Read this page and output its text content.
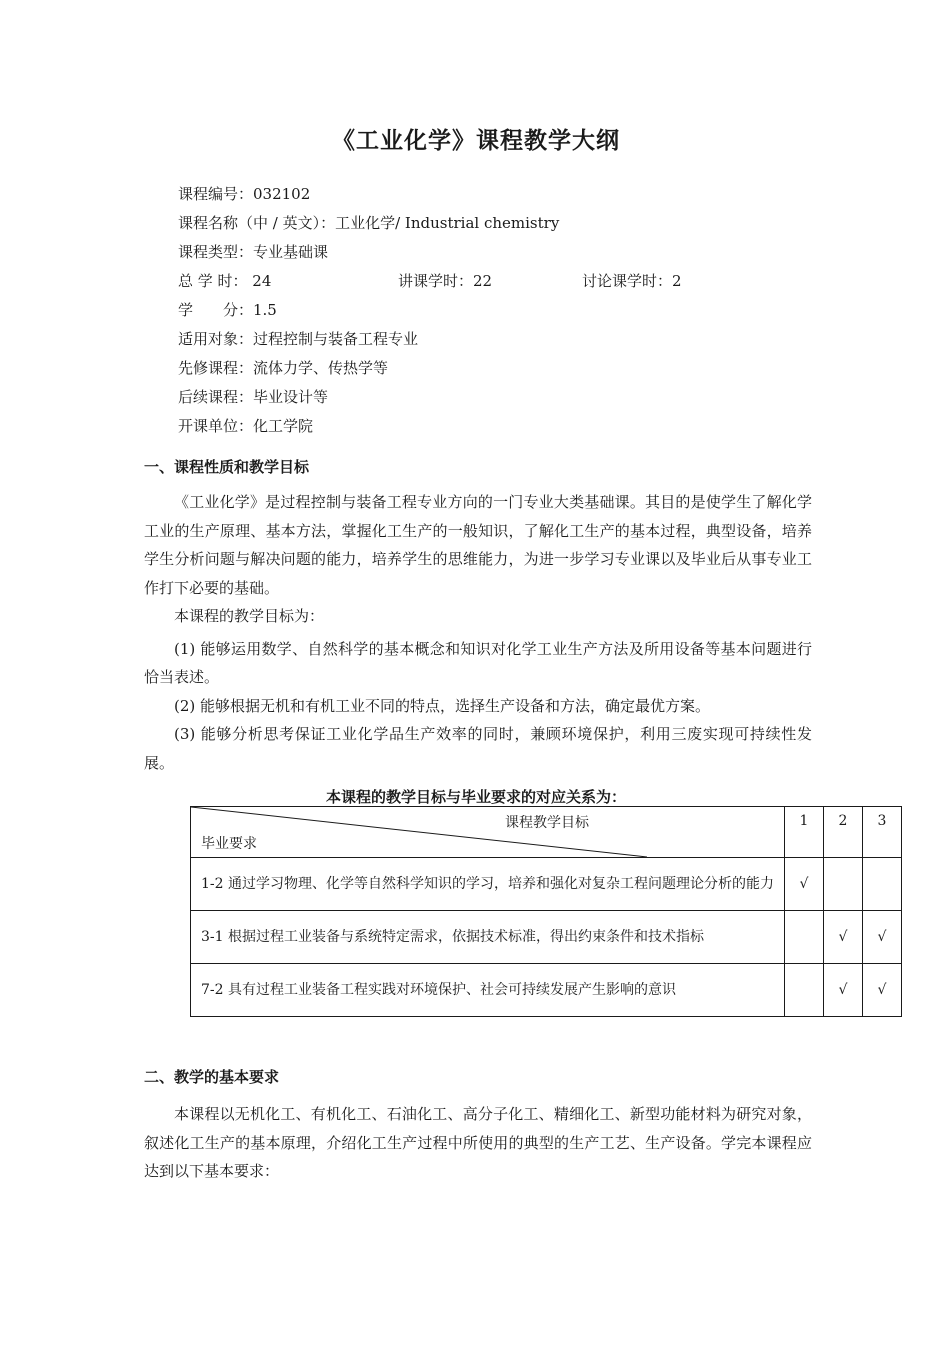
《工业化学》课程教学大纲
课程编号：032102
课程名称（中 / 英文）：工业化学/ Industrial chemistry
课程类型：专业基础课
总 学 时： 24	讲课学时：22	讨论课学时：2
学　　分：1.5
适用对象：过程控制与装备工程专业
先修课程：流体力学、传热学等
后续课程：毕业设计等
开课单位：化工学院
一、课程性质和教学目标

《工业化学》是过程控制与装备工程专业方向的一门专业大类基础课。其目的是使学生了解化学工业的生产原理、基本方法，掌握化工生产的一般知识，了解化工生产的基本过程，典型设备，培养学生分析问题与解决问题的能力，培养学生的思维能力，为进一步学习专业课以及毕业后从事专业工作打下必要的基础。

本课程的教学目标为：

(1) 能够运用数学、自然科学的基本概念和知识对化学工业生产方法及所用设备等基本问题进行恰当表述。

(2) 能够根据无机和有机工业不同的特点，选择生产设备和方法，确定最优方案。

(3) 能够分析思考保证工业化学品生产效率的同时，兼顾环境保护，利用三废实现可持续性发展。

本课程的教学目标与毕业要求的对应关系为：
课程教学目标
毕业要求	1	2	3
1-2 通过学习物理、化学等自然科学知识的学习，培养和强化对复杂工程问题理论分析的能力	√		
3-1 根据过程工业装备与系统特定需求，依据技术标准，得出约束条件和技术指标		√	√
7-2 具有过程工业装备工程实践对环境保护、社会可持续发展产生影响的意识		√	√
二、教学的基本要求

本课程以无机化工、有机化工、石油化工、高分子化工、精细化工、新型功能材料为研究对象，叙述化工生产的基本原理，介绍化工生产过程中所使用的典型的生产工艺、生产设备。学完本课程应达到以下基本要求：
